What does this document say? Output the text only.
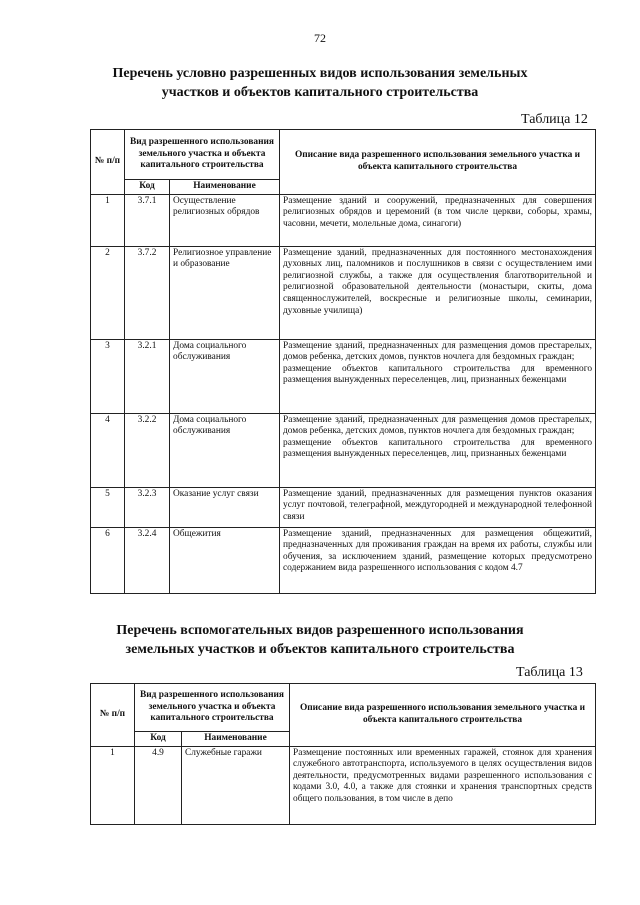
72
Перечень условно разрешенных видов использования земельных
участков и объектов капитального строительства
Таблица 12
№ п/п	Вид разрешенного использования земельного участка и объекта капитального строительства		Описание вида разрешенного использования земельного участка и объекта капитального строительства
	Код	Наименование	
1	3.7.1	Осуществление религиозных обрядов	Размещение зданий и сооружений, предназначенных для совершения религиозных обрядов и церемоний (в том числе церкви, соборы, храмы, часовни, мечети, молельные дома, синагоги)
2	3.7.2	Религиозное управление и образование	Размещение зданий, предназначенных для постоянного местонахождения духовных лиц, паломников и послушников в связи с осуществлением ими религиозной службы, а также для осуществления благотворительной и религиозной образовательной деятельности (монастыри, скиты, дома священнослужителей, воскресные и религиозные школы, семинарии, духовные училища)
3	3.2.1	Дома социального обслуживания	Размещение зданий, предназначенных для размещения домов престарелых, домов ребенка, детских домов, пунктов ночлега для бездомных граждан;
размещение объектов капитального строительства для временного размещения вынужденных переселенцев, лиц, признанных беженцами

4	3.2.2	Дома социального обслуживания	Размещение зданий, предназначенных для размещения домов престарелых, домов ребенка, детских домов, пунктов ночлега для бездомных граждан;
размещение объектов капитального строительства для временного размещения вынужденных переселенцев, лиц, признанных беженцами

5	3.2.3	Оказание услуг связи	Размещение зданий, предназначенных для размещения пунктов оказания услуг почтовой, телеграфной, междугородней и международной телефонной связи
6	3.2.4	Общежития	Размещение зданий, предназначенных для размещения общежитий, предназначенных для проживания граждан на время их работы, службы или обучения, за исключением зданий, размещение которых предусмотрено содержанием вида разрешенного использования с кодом 4.7
Перечень вспомогательных видов разрешенного использования
земельных участков и объектов капитального строительства
Таблица 13
№ п/п	Вид разрешенного использования земельного участка и объекта капитального строительства		Описание вида разрешенного использования земельного участка и объекта капитального строительства
	Код	Наименование	
1	4.9	Служебные гаражи	Размещение постоянных или временных гаражей, стоянок для хранения служебного автотранспорта, используемого в целях осуществления видов деятельности, предусмотренных видами разрешенного использования с кодами 3.0, 4.0, а также для стоянки и хранения транспортных средств общего пользования, в том числе в депо
